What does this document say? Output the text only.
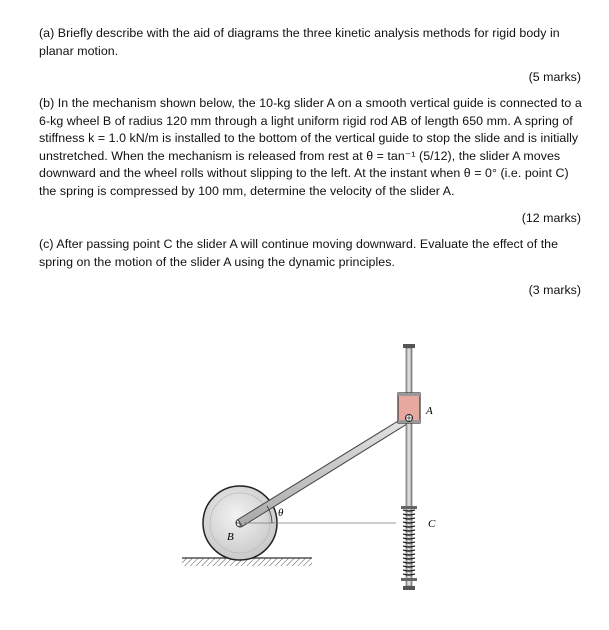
(a) Briefly describe with the aid of diagrams the three kinetic analysis methods for rigid body in planar motion.

(5 marks)

(b) In the mechanism shown below, the 10-kg slider A on a smooth vertical guide is connected to a 6-kg wheel B of radius 120 mm through a light uniform rigid rod AB of length 650 mm. A spring of stiffness k = 1.0 kN/m is installed to the bottom of the vertical guide to stop the slide and is initially unstretched. When the mechanism is released from rest at θ = tan⁻¹ (5/12), the slider A moves downward and the wheel rolls without slipping to the left. At the instant when θ = 0° (i.e. point C) the spring is compressed by 100 mm, determine the velocity of the slider A.

(12 marks)

(c) After passing point C the slider A will continue moving downward. Evaluate the effect of the spring on the motion of the slider A using the dynamic principles.

(3 marks)

A
B
C
θ
